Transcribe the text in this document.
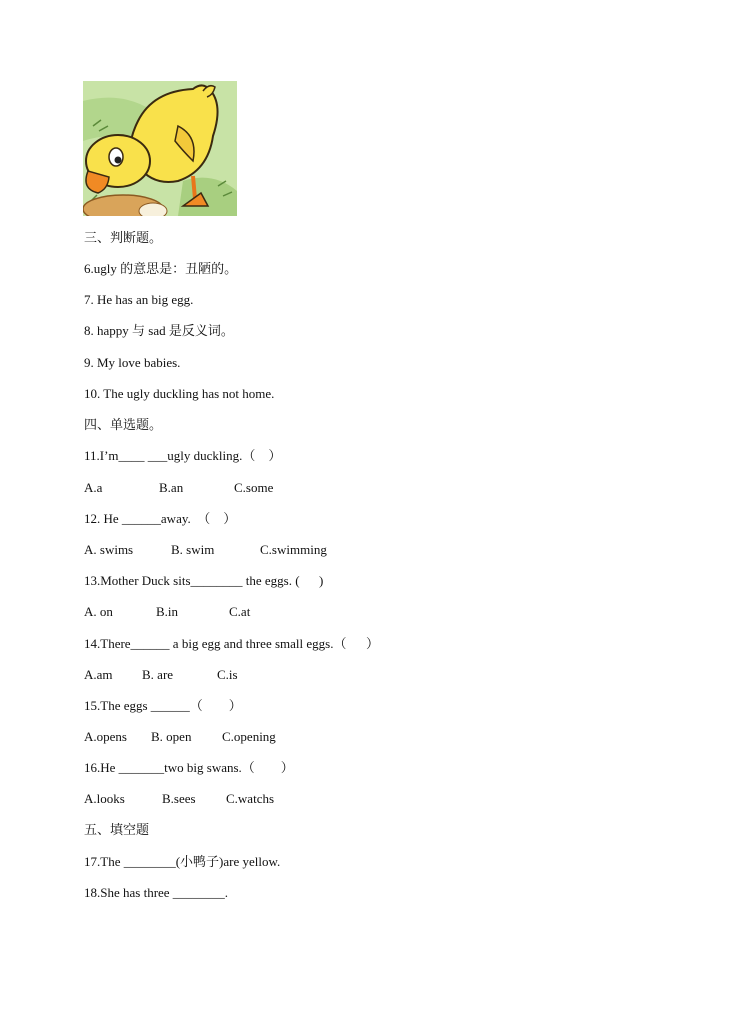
三、判断题。
6.ugly 的意思是：丑陋的。
7. He has an big egg.
8. happy 与 sad 是反义词。
9. My love babies.
10. The ugly duckling has not home.
四、单选题。
11.I’m____ ___ugly duckling.（    ）
A.a	B.an	C.some
12. He ______away.  （    ）
A. swims	B. swim	C.swimming
13.Mother Duck sits________ the eggs. (      )
A. on	B.in	C.at
14.There______ a big egg and three small eggs.（      ）
A.am B. are	C.is
15.The eggs ______（        ）
A.opens B. open C.opening
16.He _______two big swans.（        ）
A.looks	B.sees C.watchs
五、填空题
17.The ________(小鸭子)are yellow.
18.She has three ________.
